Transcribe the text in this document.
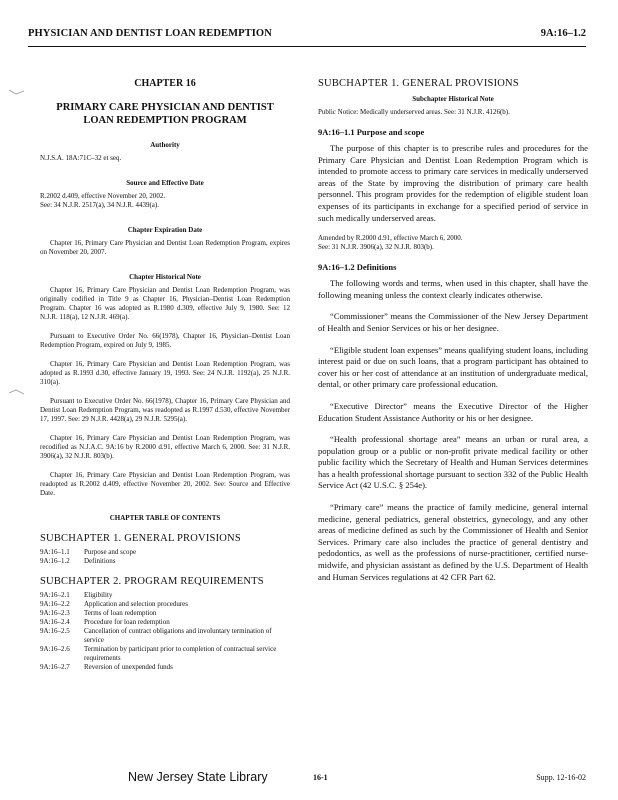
PHYSICIAN AND DENTIST LOAN REDEMPTION	9A:16–1.2
CHAPTER 16
PRIMARY CARE PHYSICIAN AND DENTIST
LOAN REDEMPTION PROGRAM
Authority
N.J.S.A. 18A:71C–32 et seq.
Source and Effective Date
R.2002 d.409, effective November 20, 2002.
See: 34 N.J.R. 2517(a), 34 N.J.R. 4439(a).
Chapter Expiration Date
Chapter 16, Primary Care Physician and Dentist Loan Redemption Program, expires on November 20, 2007.
Chapter Historical Note
Chapter 16, Primary Care Physician and Dentist Loan Redemption Program, was originally codified in Title 9 as Chapter 16, Physician–Dentist Loan Redemption Program. Chapter 16 was adopted as R.1980 d.309, effective July 9, 1980. See: 12 N.J.R. 118(a), 12 N.J.R. 469(a).
Pursuant to Executive Order No. 66(1978), Chapter 16, Physician–Dentist Loan Redemption Program, expired on July 9, 1985.
Chapter 16, Primary Care Physician and Dentist Loan Redemption Program, was adopted as R.1993 d.30, effective January 19, 1993. See: 24 N.J.R. 1192(a), 25 N.J.R. 310(a).
Pursuant to Executive Order No. 66(1978), Chapter 16, Primary Care Physician and Dentist Loan Redemption Program, was readopted as R.1997 d.530, effective November 17, 1997. See: 29 N.J.R. 4428(a), 29 N.J.R. 5295(a).
Chapter 16, Primary Care Physician and Dentist Loan Redemption Program, was recodified as N.J.A.C. 9A:16 by R.2000 d.91, effective March 6, 2000. See: 31 N.J.R. 3906(a), 32 N.J.R. 803(b).
Chapter 16, Primary Care Physician and Dentist Loan Redemption Program, was readopted as R.2002 d.409, effective November 20, 2002. See: Source and Effective Date.
CHAPTER TABLE OF CONTENTS
SUBCHAPTER 1. GENERAL PROVISIONS
9A:16–1.1	Purpose and scope
9A:16–1.2	Definitions
SUBCHAPTER 2. PROGRAM REQUIREMENTS
9A:16–2.1	Eligibility
9A:16–2.2	Application and selection procedures
9A:16–2.3	Terms of loan redemption
9A:16–2.4	Procedure for loan redemption
9A:16–2.5	Cancellation of contract obligations and involuntary termination of service
9A:16–2.6	Termination by participant prior to completion of contractual service requirements
9A:16–2.7	Reversion of unexpended funds
SUBCHAPTER 1. GENERAL PROVISIONS
Subchapter Historical Note
Public Notice: Medically underserved areas. See: 31 N.J.R. 4126(b).
9A:16–1.1 Purpose and scope

The purpose of this chapter is to prescribe rules and procedures for the Primary Care Physician and Dentist Loan Redemption Program which is intended to promote access to primary care services in medically underserved areas of the State by improving the distribution of primary care health personnel. This program provides for the redemption of eligible student loan expenses of its participants in exchange for a specified period of service in such medically underserved areas.

Amended by R.2000 d.91, effective March 6, 2000.
See: 31 N.J.R. 3906(a), 32 N.J.R. 803(b).
9A:16–1.2 Definitions

The following words and terms, when used in this chapter, shall have the following meaning unless the context clearly indicates otherwise.

“Commissioner” means the Commissioner of the New Jersey Department of Health and Senior Services or his or her designee.

“Eligible student loan expenses” means qualifying student loans, including interest paid or due on such loans, that a program participant has obtained to cover his or her cost of attendance at an institution of undergraduate medical, dental, or other primary care professional education.

“Executive Director” means the Executive Director of the Higher Education Student Assistance Authority or his or her designee.

“Health professional shortage area” means an urban or rural area, a population group or a public or non-profit private medical facility or other public facility which the Secretary of Health and Human Services determines has a health professional shortage pursuant to section 332 of the Public Health Service Act (42 U.S.C. § 254e).

“Primary care” means the practice of family medicine, general internal medicine, general pediatrics, general obstetrics, gynecology, and any other areas of medicine defined as such by the Commissioner of Health and Senior Services. Primary care also includes the practice of general dentistry and pedodontics, as well as the professions of nurse-practitioner, certified nurse-midwife, and physician assistant as defined by the U.S. Department of Health and Human Services regulations at 42 CFR Part 62.

New Jersey State Library	16-1	Supp. 12-16-02
